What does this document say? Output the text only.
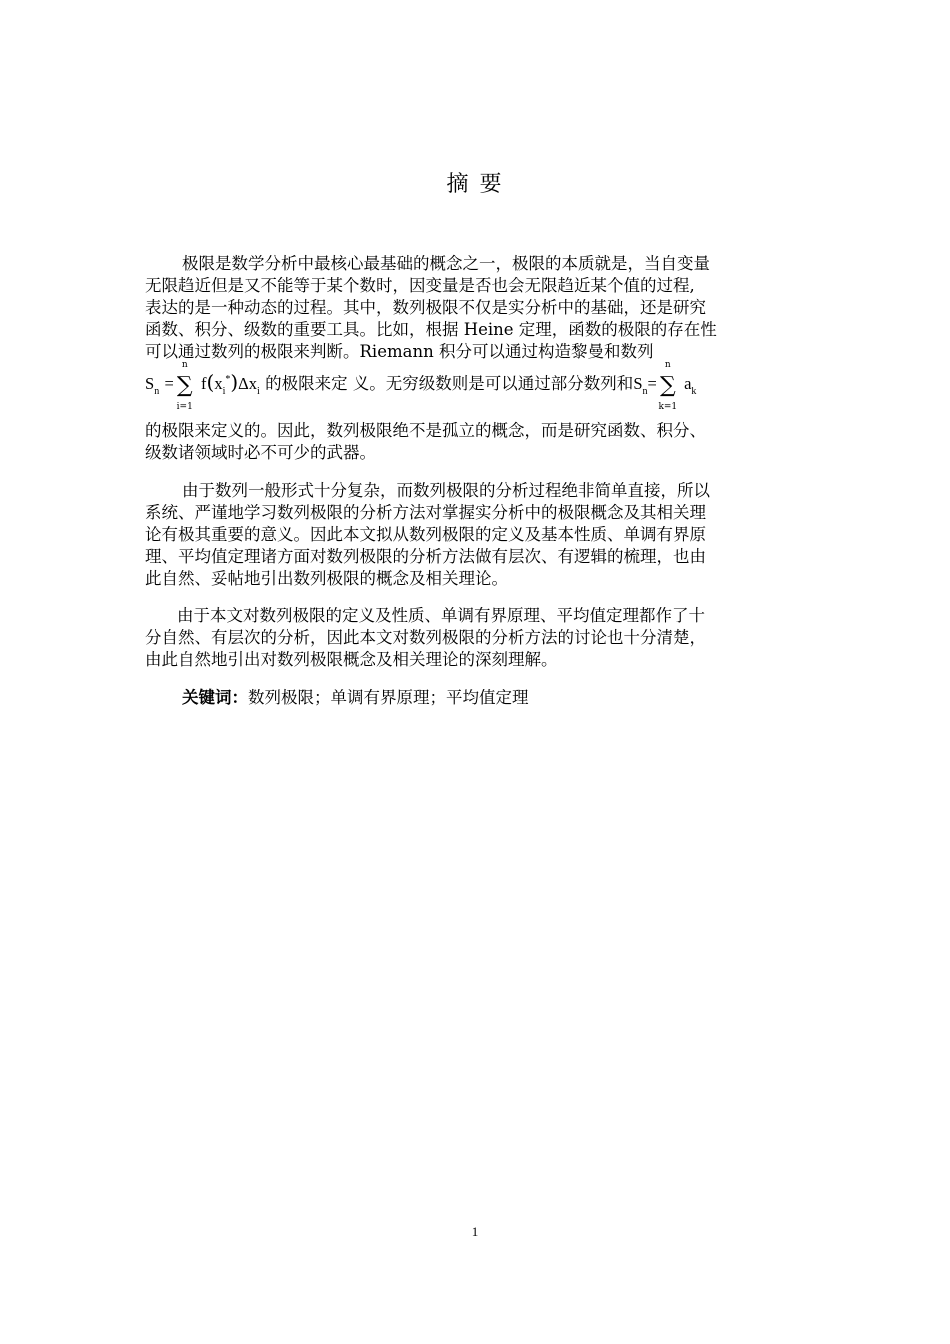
摘 要
极限是数学分析中最核心最基础的概念之一，极限的本质就是，当自变量
无限趋近但是又不能等于某个数时，因变量是否也会无限趋近某个值的过程,
表达的是一种动态的过程。其中，数列极限不仅是实分析中的基础，还是研究
函数、积分、级数的重要工具。比如，根据 Heine 定理，函数的极限的存在性
可以通过数列的极限来判断。Riemann 积分可以通过构造黎曼和数列
$S_n$ = ∑
n
i=1
$f(x_i^*)\Delta x_i$ 的极限来定 义。无穷级数则是可以通过部分数列和$S_n=$ ∑
n
k=1
$a_k$
的极限来定义的。因此，数列极限绝不是孤立的概念，而是研究函数、积分、
级数诸领域时必不可少的武器。
由于数列一般形式十分复杂，而数列极限的分析过程绝非简单直接，所以
系统、严谨地学习数列极限的分析方法对掌握实分析中的极限概念及其相关理
论有极其重要的意义。因此本文拟从数列极限的定义及基本性质、单调有界原
理、平均值定理诸方面对数列极限的分析方法做有层次、有逻辑的梳理，也由
此自然、妥帖地引出数列极限的概念及相关理论。
由于本文对数列极限的定义及性质、单调有界原理、平均值定理都作了十
分自然、有层次的分析，因此本文对数列极限的分析方法的讨论也十分清楚，
由此自然地引出对数列极限概念及相关理论的深刻理解。
关键词：数列极限；单调有界原理；平均值定理
1
